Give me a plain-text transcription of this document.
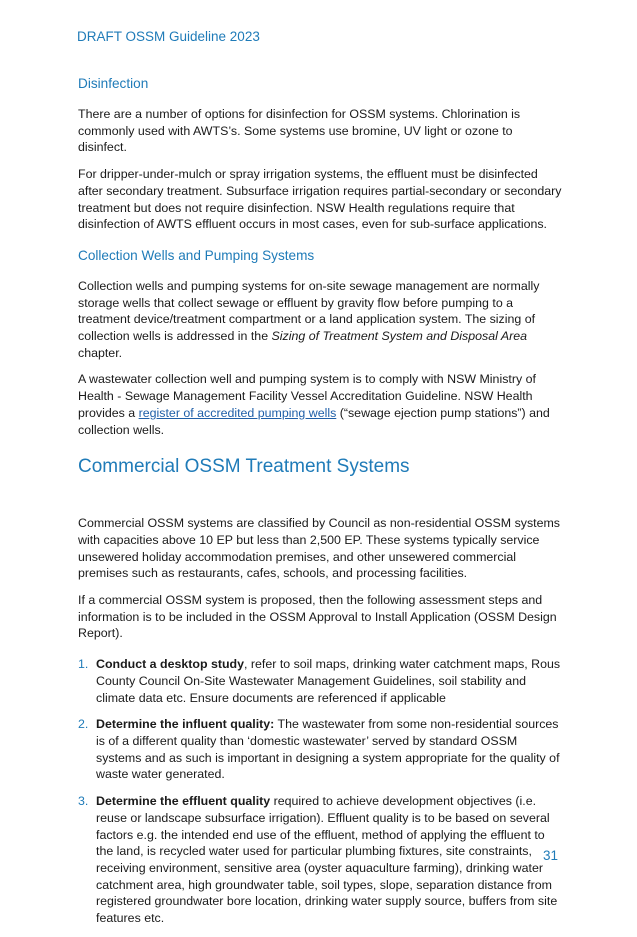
DRAFT OSSM Guideline 2023
Disinfection

There are a number of options for disinfection for OSSM systems. Chlorination is commonly used with AWTS’s. Some systems use bromine, UV light or ozone to disinfect.

For dripper-under-mulch or spray irrigation systems, the effluent must be disinfected after secondary treatment. Subsurface irrigation requires partial-secondary or secondary treatment but does not require disinfection. NSW Health regulations require that disinfection of AWTS effluent occurs in most cases, even for sub-surface applications.

Collection Wells and Pumping Systems

Collection wells and pumping systems for on-site sewage management are normally storage wells that collect sewage or effluent by gravity flow before pumping to a treatment device/treatment compartment or a land application system. The sizing of collection wells is addressed in the Sizing of Treatment System and Disposal Area chapter.

A wastewater collection well and pumping system is to comply with NSW Ministry of Health - Sewage Management Facility Vessel Accreditation Guideline. NSW Health provides a register of accredited pumping wells (“sewage ejection pump stations”) and collection wells.

Commercial OSSM Treatment Systems

Commercial OSSM systems are classified by Council as non-residential OSSM systems with capacities above 10 EP but less than 2,500 EP. These systems typically service unsewered holiday accommodation premises, and other unsewered commercial premises such as restaurants, cafes, schools, and processing facilities.

If a commercial OSSM system is proposed, then the following assessment steps and information is to be included in the OSSM Approval to Install Application (OSSM Design Report).

1. Conduct a desktop study, refer to soil maps, drinking water catchment maps, Rous County Council On-Site Wastewater Management Guidelines, soil stability and climate data etc. Ensure documents are referenced if applicable
2. Determine the influent quality: The wastewater from some non-residential sources is of a different quality than ‘domestic wastewater’ served by standard OSSM systems and as such is important in designing a system appropriate for the quality of waste water generated.
3. Determine the effluent quality required to achieve development objectives (i.e. reuse or landscape subsurface irrigation). Effluent quality is to be based on several factors e.g. the intended end use of the effluent, method of applying the effluent to the land, is recycled water used for particular plumbing fixtures, site constraints, receiving environment, sensitive area (oyster aquaculture farming), drinking water catchment area, high groundwater table, soil types, slope, separation distance from registered groundwater bore location, drinking water supply source, buffers from site features etc.
31
